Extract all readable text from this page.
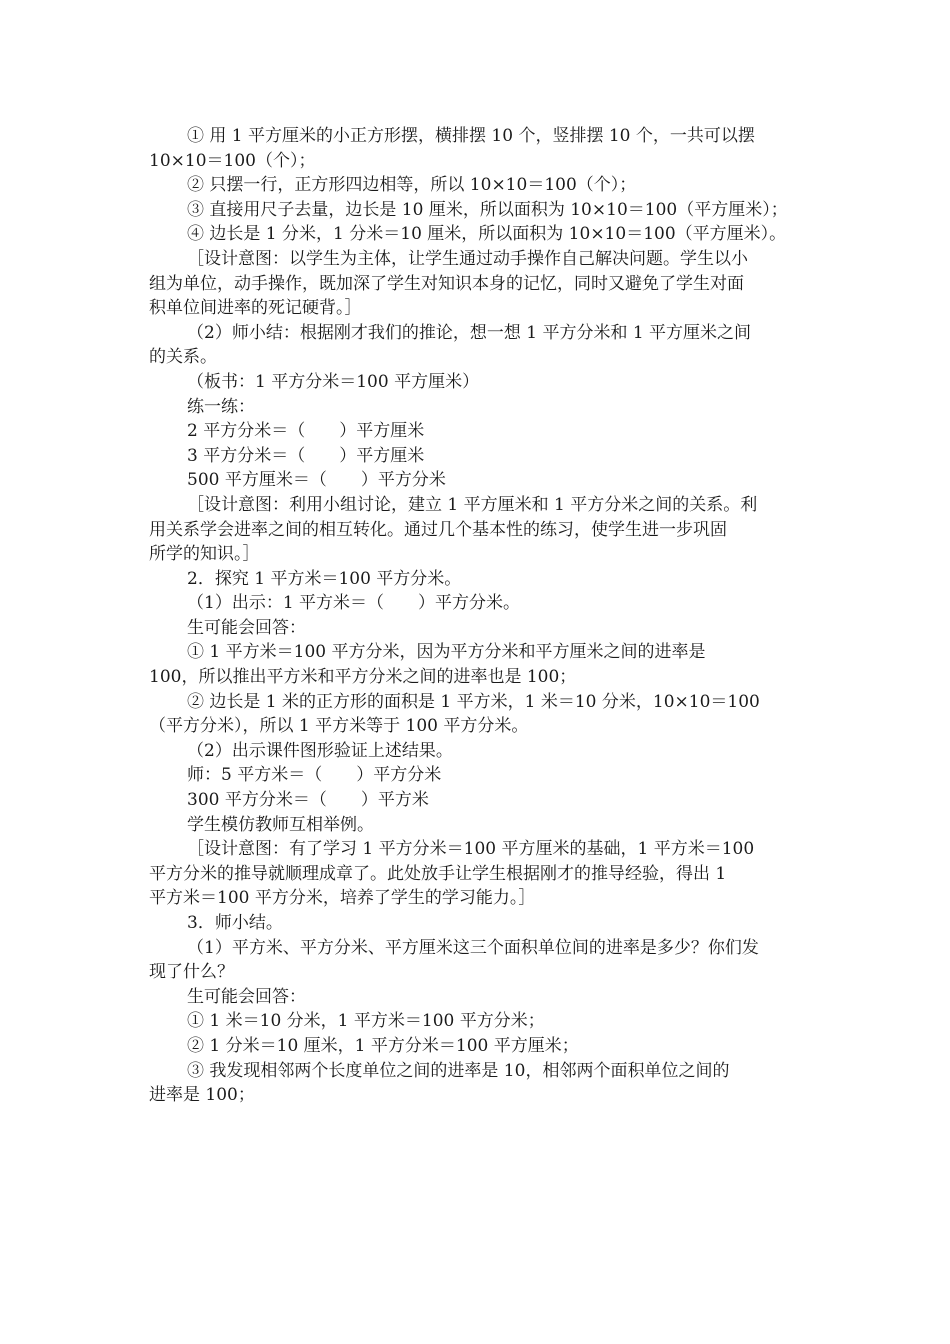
① 用 1 平方厘米的小正方形摆，横排摆 10 个，竖排摆 10 个，一共可以摆
10×10＝100（个）；
② 只摆一行，正方形四边相等，所以 10×10＝100（个）；
③ 直接用尺子去量，边长是 10 厘米，所以面积为 10×10＝100（平方厘米）；
④ 边长是 1 分米，1 分米＝10 厘米，所以面积为 10×10＝100（平方厘米）。
［设计意图：以学生为主体，让学生通过动手操作自己解决问题。学生以小
组为单位，动手操作，既加深了学生对知识本身的记忆，同时又避免了学生对面
积单位间进率的死记硬背。］
（2）师小结：根据刚才我们的推论，想一想 1 平方分米和 1 平方厘米之间
的关系。
（板书：1 平方分米＝100 平方厘米）
练一练：
2 平方分米＝（　　）平方厘米
3 平方分米＝（　　）平方厘米
500 平方厘米＝（　　）平方分米
［设计意图：利用小组讨论，建立 1 平方厘米和 1 平方分米之间的关系。利
用关系学会进率之间的相互转化。通过几个基本性的练习，使学生进一步巩固
所学的知识。］
2．探究 1 平方米＝100 平方分米。
（1）出示：1 平方米＝（　　）平方分米。
生可能会回答：
① 1 平方米＝100 平方分米，因为平方分米和平方厘米之间的进率是
100，所以推出平方米和平方分米之间的进率也是 100；
② 边长是 1 米的正方形的面积是 1 平方米，1 米＝10 分米，10×10＝100
（平方分米），所以 1 平方米等于 100 平方分米。
（2）出示课件图形验证上述结果。
师：5 平方米＝（　　）平方分米
300 平方分米＝（　　）平方米
学生模仿教师互相举例。
［设计意图：有了学习 1 平方分米＝100 平方厘米的基础，1 平方米＝100
平方分米的推导就顺理成章了。此处放手让学生根据刚才的推导经验，得出 1
平方米＝100 平方分米，培养了学生的学习能力。］
3．师小结。
（1）平方米、平方分米、平方厘米这三个面积单位间的进率是多少？你们发
现了什么？
生可能会回答：
① 1 米＝10 分米，1 平方米＝100 平方分米；
② 1 分米＝10 厘米，1 平方分米＝100 平方厘米；
③ 我发现相邻两个长度单位之间的进率是 10，相邻两个面积单位之间的
进率是 100；
